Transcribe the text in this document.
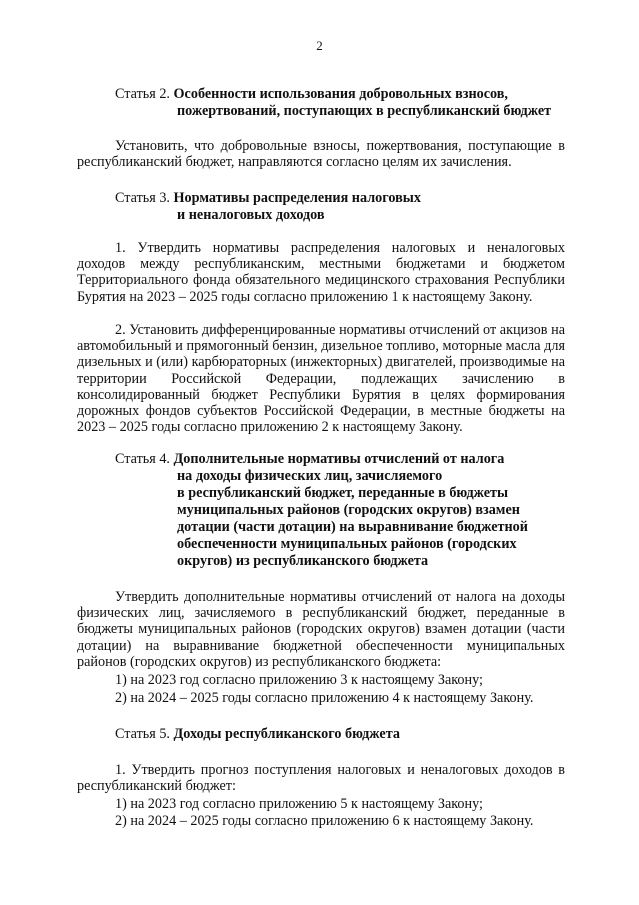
2
Статья 2. Особенности использования добровольных взносов,
пожертвований, поступающих в республиканский бюджет
Установить, что добровольные взносы, пожертвования, поступающие в республиканский бюджет, направляются согласно целям их зачисления.
Статья 3. Нормативы распределения налоговых
и неналоговых доходов
1. Утвердить нормативы распределения налоговых и неналоговых доходов между республиканским, местными бюджетами и бюджетом Территориального фонда обязательного медицинского страхования Республики Бурятия на 2023 – 2025 годы согласно приложению 1 к настоящему Закону.
2. Установить дифференцированные нормативы отчислений от акцизов на автомобильный и прямогонный бензин, дизельное топливо, моторные масла для дизельных и (или) карбюраторных (инжекторных) двигателей, производимые на территории Российской Федерации, подлежащих зачислению в консолидированный бюджет Республики Бурятия в целях формирования дорожных фондов субъектов Российской Федерации, в местные бюджеты на 2023 – 2025 годы согласно приложению 2 к настоящему Закону.
Статья 4. Дополнительные нормативы отчислений от налога
на доходы физических лиц, зачисляемого
в республиканский бюджет, переданные в бюджеты
муниципальных районов (городских округов) взамен
дотации (части дотации) на выравнивание бюджетной
обеспеченности муниципальных районов (городских
округов) из республиканского бюджета
Утвердить дополнительные нормативы отчислений от налога на доходы физических лиц, зачисляемого в республиканский бюджет, переданные в бюджеты муниципальных районов (городских округов) взамен дотации (части дотации) на выравнивание бюджетной обеспеченности муниципальных районов (городских округов) из республиканского бюджета:
1) на 2023 год согласно приложению 3 к настоящему Закону;
2) на 2024 – 2025 годы согласно приложению 4 к настоящему Закону.
Статья 5. Доходы республиканского бюджета
1. Утвердить прогноз поступления налоговых и неналоговых доходов в республиканский бюджет:
1) на 2023 год согласно приложению 5 к настоящему Закону;
2) на 2024 – 2025 годы согласно приложению 6 к настоящему Закону.
